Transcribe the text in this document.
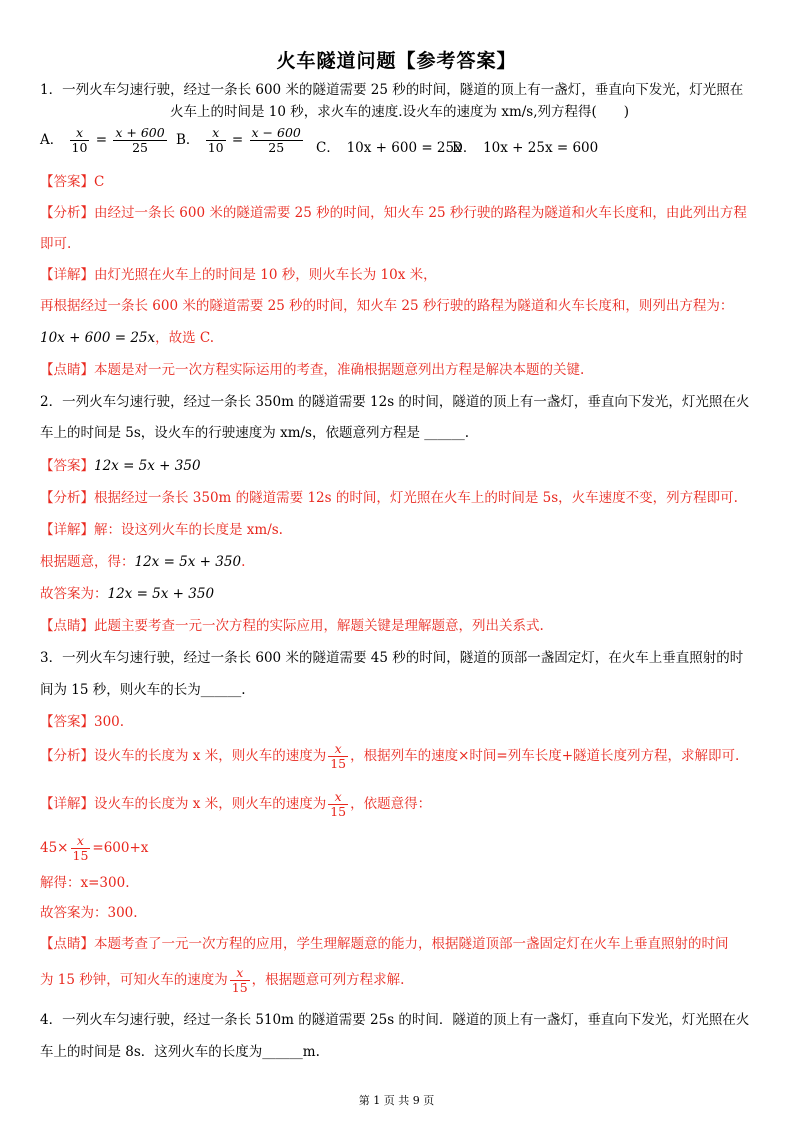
火车隧道问题【参考答案】
1．一列火车匀速行驶，经过一条长 600 米的隧道需要 25 秒的时间，隧道的顶上有一盏灯，垂直向下发光，灯光照在
火车上的时间是 10 秒，求火车的速度.设火车的速度为 xm/s,列方程得(　　)
A． $\frac{x}{10} = \frac{x + 600}{25}$ B． $\frac{x}{10} = \frac{x - 600}{25}$ C．　10x + 600 = 25x
D．　10x + 25x = 600
【答案】C
【分析】由经过一条长 600 米的隧道需要 25 秒的时间，知火车 25 秒行驶的路程为隧道和火车长度和，由此列出方程
即可.
【详解】由灯光照在火车上的时间是 10 秒，则火车长为 10x 米，
再根据经过一条长 600 米的隧道需要 25 秒的时间，知火车 25 秒行驶的路程为隧道和火车长度和，则列出方程为：
10x + 600 = 25x，故选 C.
【点睛】本题是对一元一次方程实际运用的考查，准确根据题意列出方程是解决本题的关键.
2．一列火车匀速行驶，经过一条长 350m 的隧道需要 12s 的时间，隧道的顶上有一盏灯，垂直向下发光，灯光照在火
车上的时间是 5s，设火车的行驶速度为 xm/s，依题意列方程是 ______.
【答案】12x = 5x + 350
【分析】根据经过一条长 350m 的隧道需要 12s 的时间，灯光照在火车上的时间是 5s，火车速度不变，列方程即可.
【详解】解：设这列火车的长度是 xm/s.
根据题意，得：12x = 5x + 350.
故答案为：12x = 5x + 350
【点睛】此题主要考查一元一次方程的实际应用，解题关键是理解题意，列出关系式.
3．一列火车匀速行驶，经过一条长 600 米的隧道需要 45 秒的时间，隧道的顶部一盏固定灯，在火车上垂直照射的时
间为 15 秒，则火车的长为______.
【答案】300.
【分析】设火车的长度为 x 米，则火车的速度为 $\frac{x}{15}$ ，根据列车的速度×时间=列车长度+隧道长度列方程，求解即可.
【详解】设火车的长度为 x 米，则火车的速度为 $\frac{x}{15}$ ，依题意得：
$45\times \frac{x}{15} =600+x$
解得：x=300.
故答案为：300.
【点睛】本题考查了一元一次方程的应用，学生理解题意的能力，根据隧道顶部一盏固定灯在火车上垂直照射的时间
为 15 秒钟，可知火车的速度为 $\frac{x}{15}$ ，根据题意可列方程求解.
4．一列火车匀速行驶，经过一条长 510m 的隧道需要 25s 的时间．隧道的顶上有一盏灯，垂直向下发光，灯光照在火
车上的时间是 8s．这列火车的长度为______m.
第 1 页 共 9 页
